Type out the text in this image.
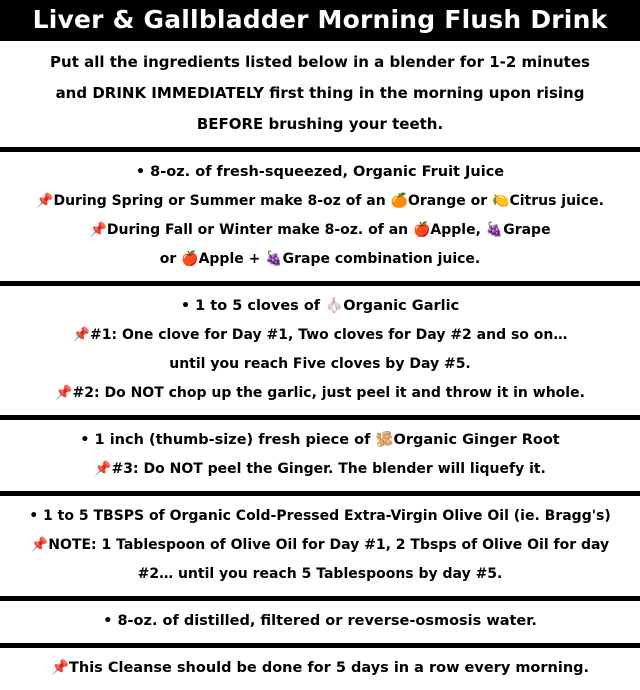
Liver & Gallbladder Morning Flush Drink
Put all the ingredients listed below in a blender for 1-2 minutes
and DRINK IMMEDIATELY first thing in the morning upon rising
BEFORE brushing your teeth.
• 8-oz. of fresh-squeezed, Organic Fruit Juice
📌During Spring or Summer make 8-oz of an 🍊Orange or 🍋Citrus juice.
📌During Fall or Winter make 8-oz. of an 🍎Apple, 🍇Grape
or 🍎Apple + 🍇Grape combination juice.
• 1 to 5 cloves of 🧄Organic Garlic
📌#1: One clove for Day #1, Two cloves for Day #2 and so on…
until you reach Five cloves by Day #5.
📌#2: Do NOT chop up the garlic, just peel it and throw it in whole.
• 1 inch (thumb-size) fresh piece of 🫚Organic Ginger Root
📌#3: Do NOT peel the Ginger. The blender will liquefy it.
• 1 to 5 TBSPS of Organic Cold-Pressed Extra-Virgin Olive Oil (ie. Bragg's)
📌NOTE: 1 Tablespoon of Olive Oil for Day #1, 2 Tbsps of Olive Oil for day
#2… until you reach 5 Tablespoons by day #5.
• 8-oz. of distilled, filtered or reverse-osmosis water.
📌This Cleanse should be done for 5 days in a row every morning.
